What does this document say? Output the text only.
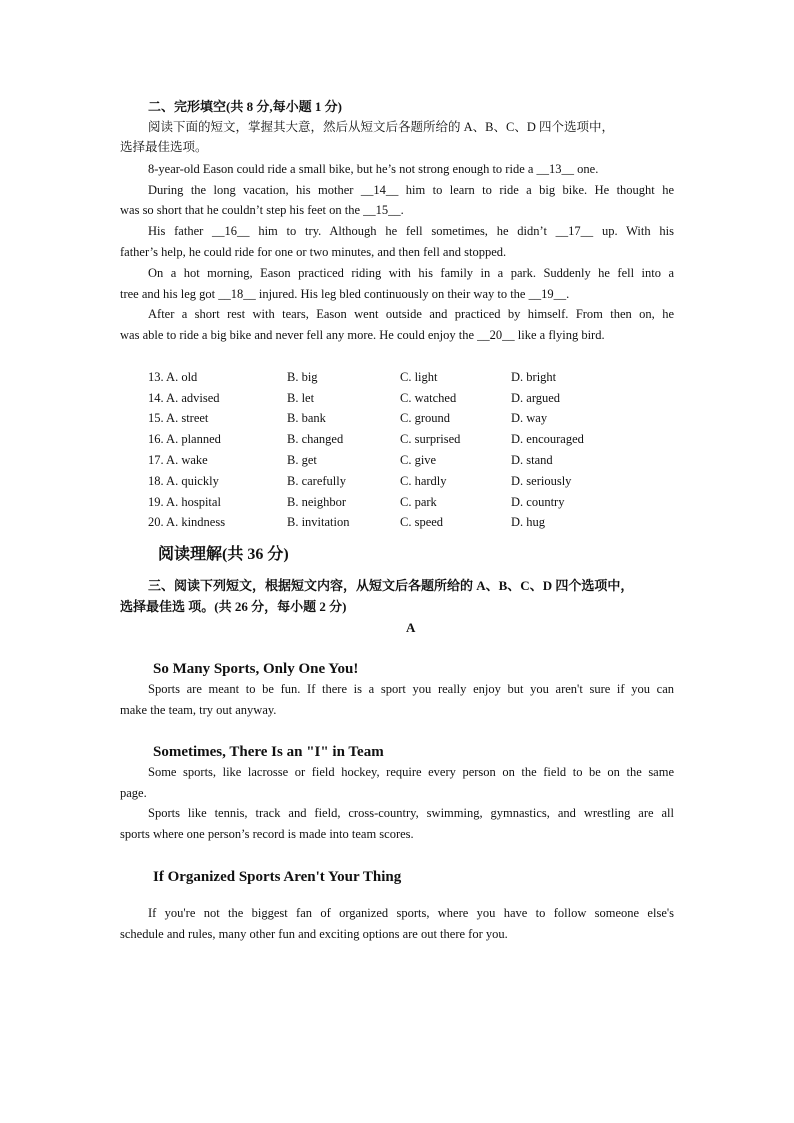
二、完形填空(共 8 分,每小题 1 分)
阅读下面的短文，掌握其大意，然后从短文后各题所给的 A、B、C、D 四个选项中，
选择最佳选项。
8-year-old Eason could ride a small bike, but he’s not strong enough to ride a __13__ one.
During the long vacation, his mother __14__ him to learn to ride a big bike. He thought he
was so short that he couldn’t step his feet on the __15__.
His father __16__ him to try. Although he fell sometimes, he didn’t __17__ up. With his
father’s help, he could ride for one or two minutes, and then fell and stopped.
On a hot morning, Eason practiced riding with his family in a park. Suddenly he fell into a
tree and his leg got __18__ injured. His leg bled continuously on their way to the __19__.
After a short rest with tears, Eason went outside and practiced by himself. From then on, he
was able to ride a big bike and never fell any more. He could enjoy the __20__ like a flying bird.
13. A. old	B. big	C. light	D. bright
14. A. advised	B. let	C. watched	D. argued
15. A. street	B. bank	C. ground	D. way
16. A. planned	B. changed	C. surprised	D. encouraged
17. A. wake	B. get	C. give	D. stand
18. A. quickly	B. carefully	C. hardly	D. seriously
19. A. hospital	B. neighbor	C. park	D. country
20. A. kindness	B. invitation	C. speed	D. hug
阅读理解(共 36 分)
三、阅读下列短文，根据短文内容，从短文后各题所给的 A、B、C、D 四个选项中，
选择最佳选 项。(共 26 分，每小题 2 分)
A
So Many Sports, Only One You!
Sports are meant to be fun. If there is a sport you really enjoy but you aren't sure if you can
make the team, try out anyway.
Sometimes, There Is an "I" in Team
Some sports, like lacrosse or field hockey, require every person on the field to be on the same
page.
Sports like tennis, track and field, cross-country, swimming, gymnastics, and wrestling are all
sports where one person’s record is made into team scores.
If Organized Sports Aren't Your Thing
If you're not the biggest fan of organized sports, where you have to follow someone else's
schedule and rules, many other fun and exciting options are out there for you.
